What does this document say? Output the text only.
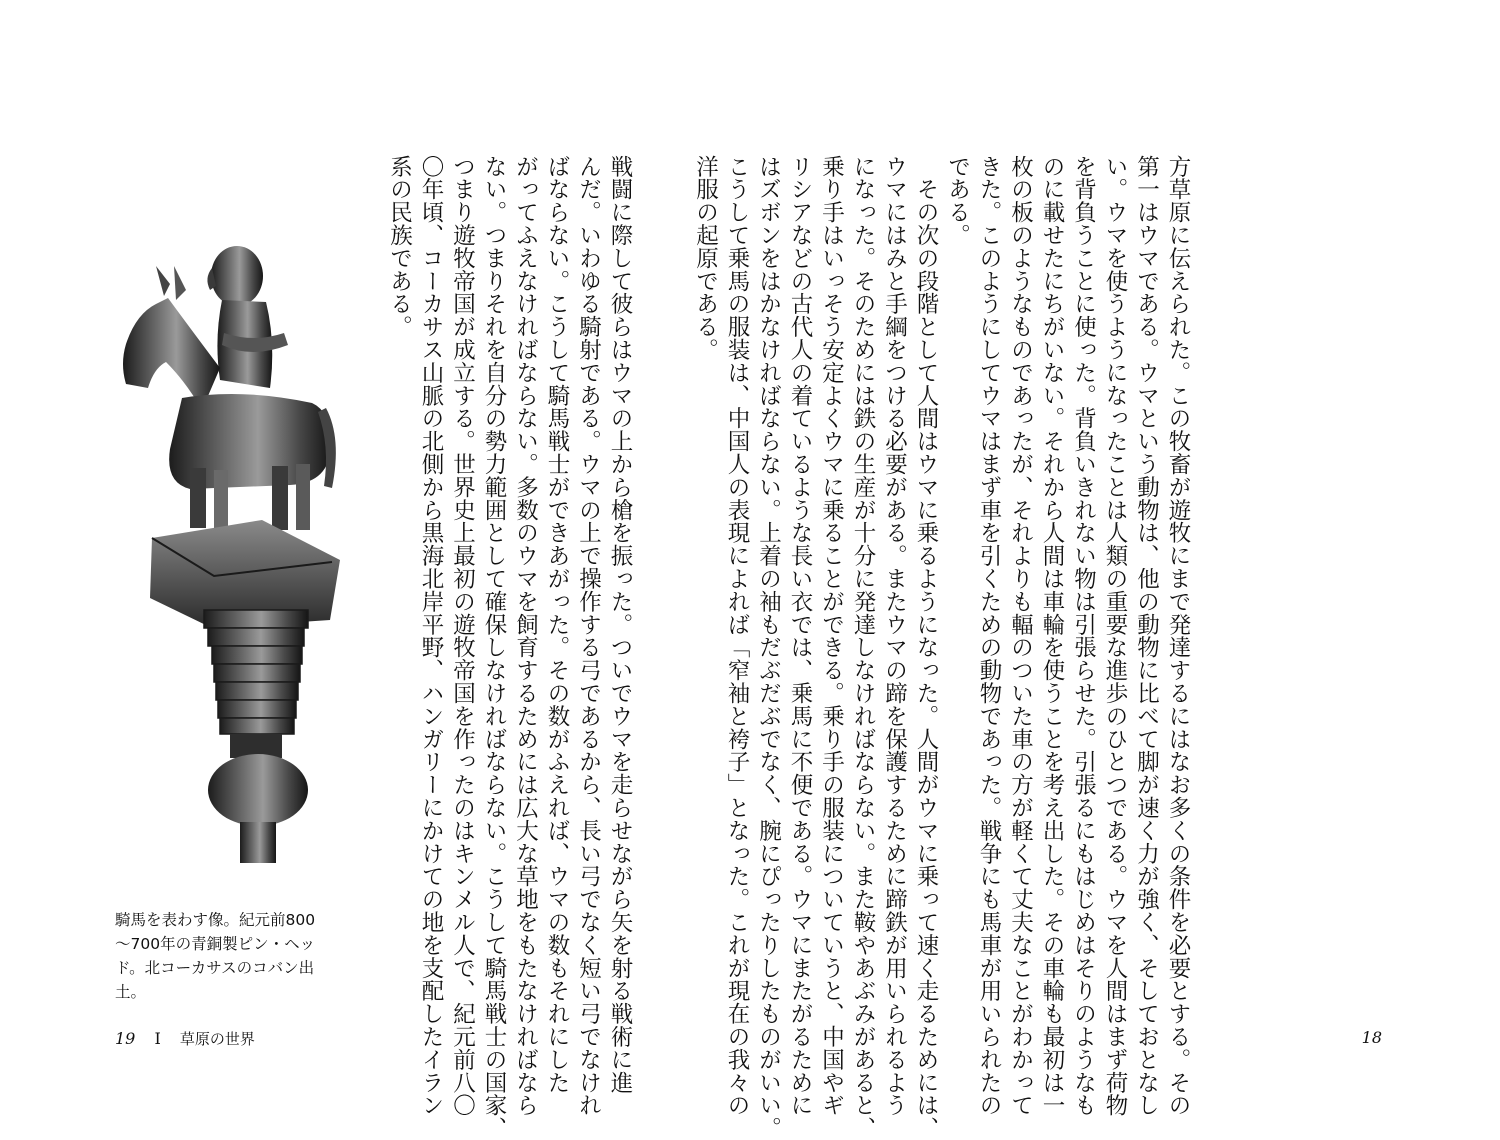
騎馬を表わす像。紀元前800
～700年の青銅製ピン・ヘッ
ド。北コーカサスのコバン出
土。	戦闘に際して彼らはウマの上から槍を振った。ついでウマを走らせながら矢を射る戦術に進
んだ。いわゆる騎射である。ウマの上で操作する弓であるから、長い弓でなく短い弓でなけれ
ばならない。こうして騎馬戦士ができあがった。その数がふえれば、ウマの数もそれにした
がってふえなければならない。多数のウマを飼育するためには広大な草地をもたなければなら
ない。つまりそれを自分の勢力範囲として確保しなければならない。こうして騎馬戦士の国家、
つまり遊牧帝国が成立する。世界史上最初の遊牧帝国を作ったのはキンメル人で、紀元前八〇
〇年頃、コーカサス山脈の北側から黒海北岸平野、ハンガリーにかけての地を支配したイラン
系の民族である。
19 Ⅰ 草原の世界	方草原に伝えられた。この牧畜が遊牧にまで発達するにはなお多くの条件を必要とする。その
第一はウマである。ウマという動物は、他の動物に比べて脚が速く力が強く、そしておとなし
い。ウマを使うようになったことは人類の重要な進歩のひとつである。ウマを人間はまず荷物
を背負うことに使った。背負いきれない物は引張らせた。引張るにもはじめはそりのようなも
のに載せたにちがいない。それから人間は車輪を使うことを考え出した。その車輪も最初は一
枚の板のようなものであったが、それよりも輻のついた車の方が軽くて丈夫なことがわかって
きた。このようにしてウマはまず車を引くための動物であった。戦争にも馬車が用いられたの
である。
　その次の段階として人間はウマに乗るようになった。人間がウマに乗って速く走るためには、
ウマにはみと手綱をつける必要がある。またウマの蹄を保護するために蹄鉄が用いられるよう
になった。そのためには鉄の生産が十分に発達しなければならない。また鞍やあぶみがあると、
乗り手はいっそう安定よくウマに乗ることができる。乗り手の服装についていうと、中国やギ
リシアなどの古代人の着ているような長い衣では、乗馬に不便である。ウマにまたがるために
はズボンをはかなければならない。上着の袖もだぶだぶでなく、腕にぴったりしたものがいい。
こうして乗馬の服装は、中国人の表現によれば「窄袖と袴子」となった。これが現在の我々の
洋服の起原である。
18
